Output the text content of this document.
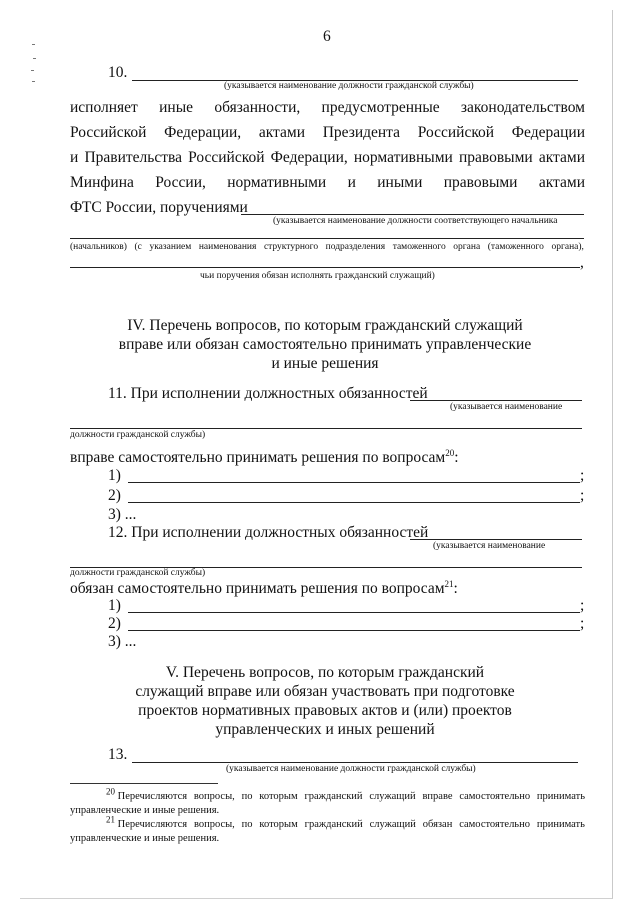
6
10.
(указывается наименование должности гражданской службы)
исполняет иные обязанности, предусмотренные законодательством
Российской Федерации, актами Президента Российской Федерации
и Правительства Российской Федерации, нормативными правовыми актами
Минфина России, нормативными и иными правовыми актами
ФТС России, поручениями
(указывается наименование должности соответствующего начальника
(начальников) (с указанием наименования структурного подразделения таможенного органа (таможенного органа),
,
чьи поручения обязан исполнять гражданский служащий)
IV. Перечень вопросов, по которым гражданский служащий
вправе или обязан самостоятельно принимать управленческие
и иные решения
11. При исполнении должностных обязанностей
(указывается наименование
должности гражданской службы)
вправе самостоятельно принимать решения по вопросам$^{20}$:
1)	;
2)	;
3) ...
12. При исполнении должностных обязанностей
(указывается наименование
должности гражданской службы)
обязан самостоятельно принимать решения по вопросам$^{21}$:
1)	;
2)	;
3) ...
V. Перечень вопросов, по которым гражданский
служащий вправе или обязан участвовать при подготовке
проектов нормативных правовых актов и (или) проектов
управленческих и иных решений
13.
(указывается наименование должности гражданской службы)
$^{20}$ Перечисляются вопросы, по которым гражданский служащий вправе самостоятельно принимать
управленческие и иные решения.
$^{21}$ Перечисляются вопросы, по которым гражданский служащий обязан самостоятельно принимать
управленческие и иные решения.
